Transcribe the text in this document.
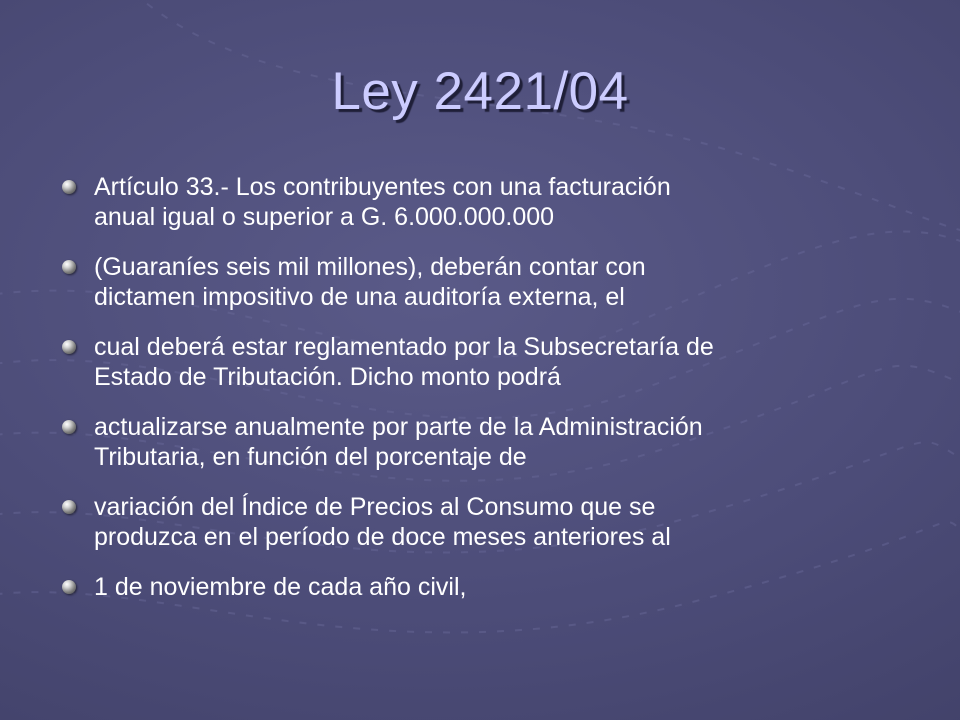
Ley 2421/04
Artículo 33.- Los contribuyentes con una facturación
anual igual o superior a G. 6.000.000.000
(Guaraníes seis mil millones), deberán contar con
dictamen impositivo de una auditoría externa, el
cual deberá estar reglamentado por la Subsecretaría de
Estado de Tributación. Dicho monto podrá
actualizarse anualmente por parte de la Administración
Tributaria, en función del porcentaje de
variación del Índice de Precios al Consumo que se
produzca en el período de doce meses anteriores al
1 de noviembre de cada año civil,
